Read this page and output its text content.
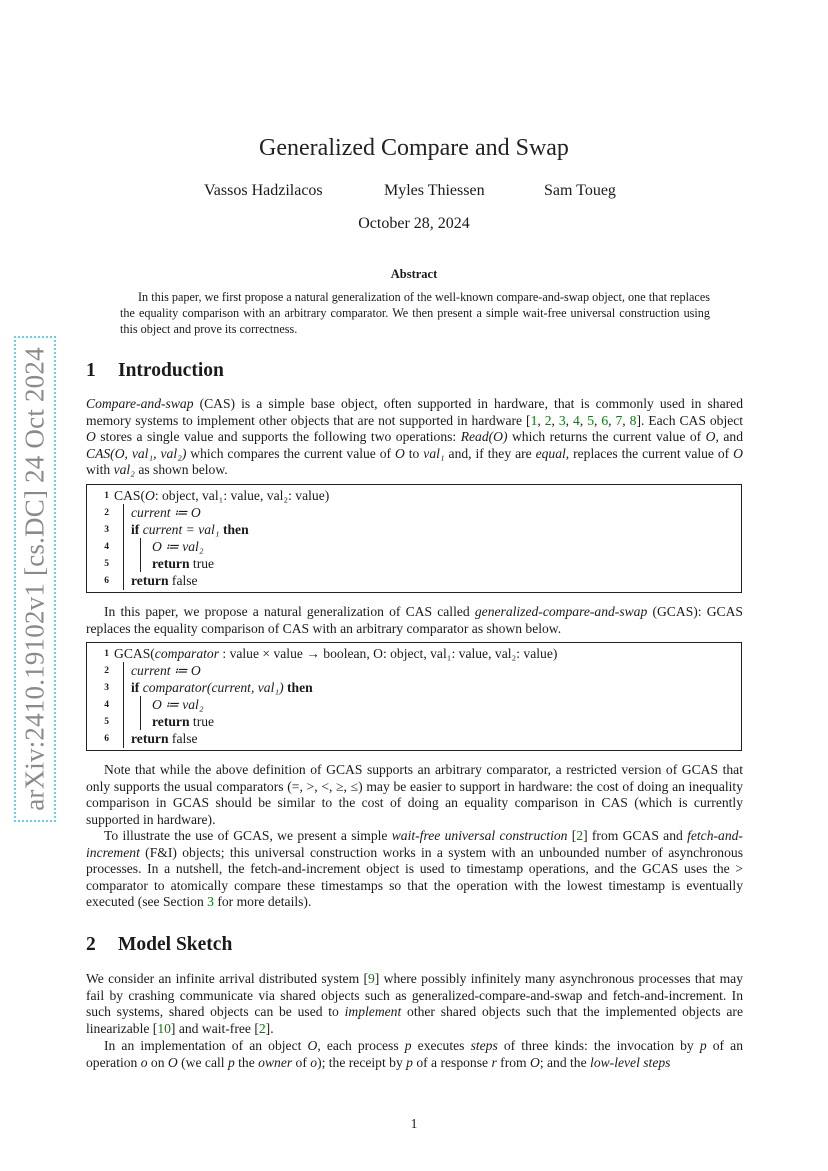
arXiv:2410.19102v1 [cs.DC] 24 Oct 2024
Generalized Compare and Swap
Vassos Hadzilacos	Myles Thiessen	Sam Toueg
October 28, 2024
Abstract

In this paper, we first propose a natural generalization of the well-known compare-and-swap object, one that replaces the equality comparison with an arbitrary comparator. We then present a simple wait-free universal construction using this object and prove its correctness.

1 Introduction

Compare-and-swap (CAS) is a simple base object, often supported in hardware, that is commonly used in shared memory systems to implement other objects that are not supported in hardware [1, 2, 3, 4, 5, 6, 7, 8]. Each CAS object O stores a single value and supports the following two operations: Read(O) which returns the current value of O, and CAS(O, val₁, val₂) which compares the current value of O to val₁ and, if they are equal, replaces the current value of O with val₂ as shown below.

1 CAS(O: object, val₁: value, val₂: value)
2 current ≔ O
3 if current = val₁ then
4	O ≔ val₂
5	return true
6 return false

In this paper, we propose a natural generalization of CAS called generalized-compare-and-swap (GCAS): GCAS replaces the equality comparison of CAS with an arbitrary comparator as shown below.

1 GCAS(comparator : value × value → boolean, O: object, val₁: value, val₂: value)
2 current ≔ O
3 if comparator(current, val₁) then
4	O ≔ val₂
5	return true
6 return false

Note that while the above definition of GCAS supports an arbitrary comparator, a restricted version of GCAS that only supports the usual comparators (=, >, <, ≥, ≤) may be easier to support in hardware: the cost of doing an inequality comparison in GCAS should be similar to the cost of doing an equality comparison in CAS (which is currently supported in hardware).

To illustrate the use of GCAS, we present a simple wait-free universal construction [2] from GCAS and fetch-and-increment (F&I) objects; this universal construction works in a system with an unbounded number of asynchronous processes. In a nutshell, the fetch-and-increment object is used to timestamp operations, and the GCAS uses the > comparator to atomically compare these timestamps so that the operation with the lowest timestamp is eventually executed (see Section 3 for more details).

2 Model Sketch

We consider an infinite arrival distributed system [9] where possibly infinitely many asynchronous processes that may fail by crashing communicate via shared objects such as generalized-compare-and-swap and fetch-and-increment. In such systems, shared objects can be used to implement other shared objects such that the implemented objects are linearizable [10] and wait-free [2].

In an implementation of an object O, each process p executes steps of three kinds: the invocation by p of an operation o on O (we call p the owner of o); the receipt by p of a response r from O; and the low-level steps

1
